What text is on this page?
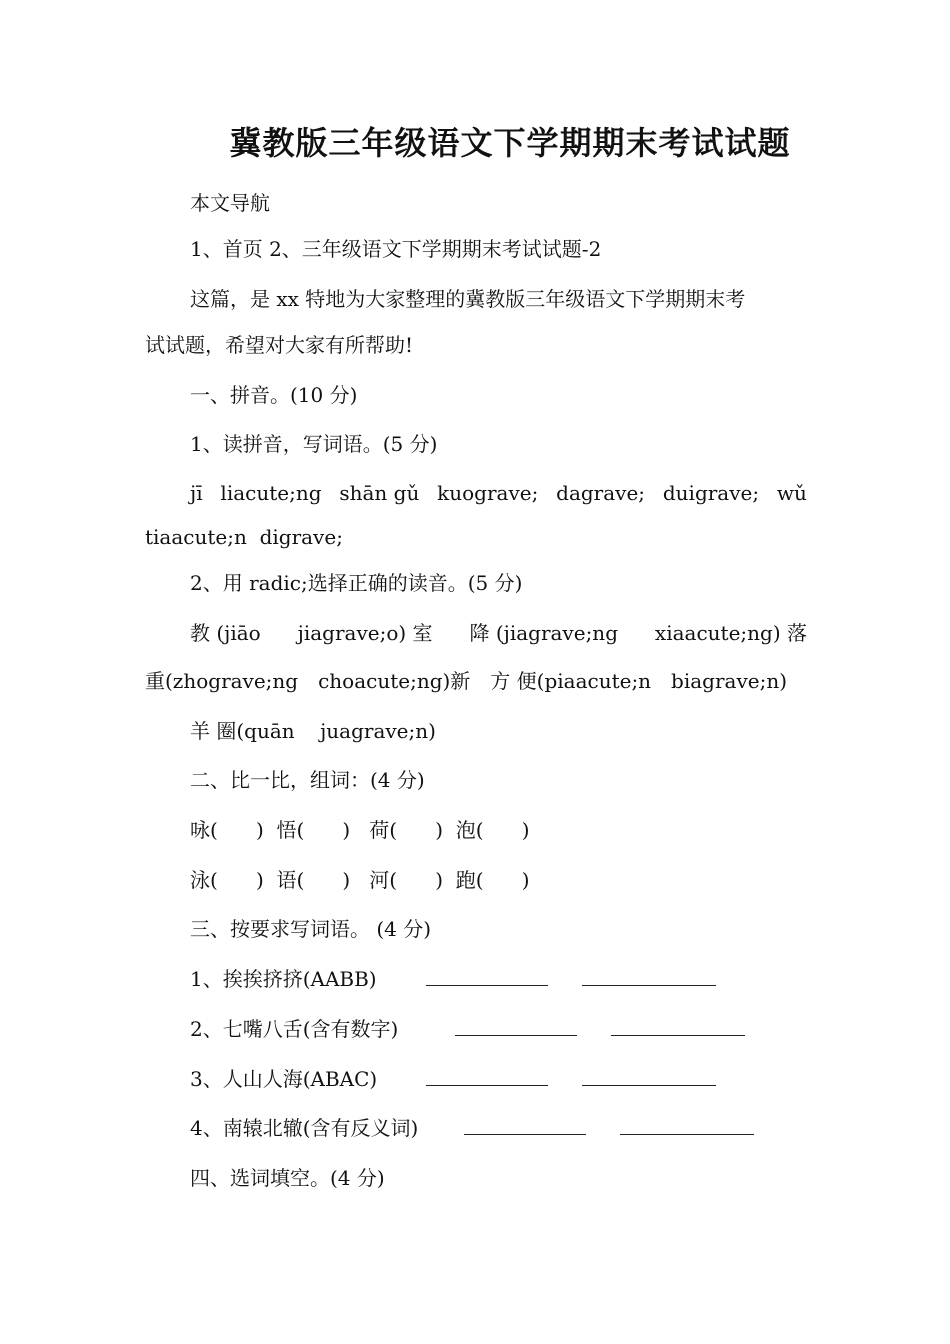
冀教版三年级语文下学期期末考试试题
本文导航
1、首页 2、三年级语文下学期期末考试试题-2
这篇，是 xx 特地为大家整理的冀教版三年级语文下学期期末考
试试题，希望对大家有所帮助!
一、拼音。(10 分)
1、读拼音，写词语。(5 分)
jī liacute;ng shān gǔ kuograve; dagrave; duigrave; wǔ
tiaacute;n  digrave;
2、用 radic;选择正确的读音。(5 分)
教 (jiāo jiagrave;o) 室 降 (jiagrave;ng xiaacute;ng) 落
重(zhograve;ng choacute;ng)新 方 便(piaacute;n biagrave;n)
羊 圈(quān    juagrave;n)
二、比一比，组词：(4 分)
咏(      )  悟(      )   荷(      )  泡(      )
泳(      )  语(      )   河(      )  跑(      )
三、按要求写词语。 (4 分)
1、挨挨挤挤(AABB)
2、七嘴八舌(含有数字)
3、人山人海(ABAC)
4、南辕北辙(含有反义词)
四、选词填空。(4 分)
